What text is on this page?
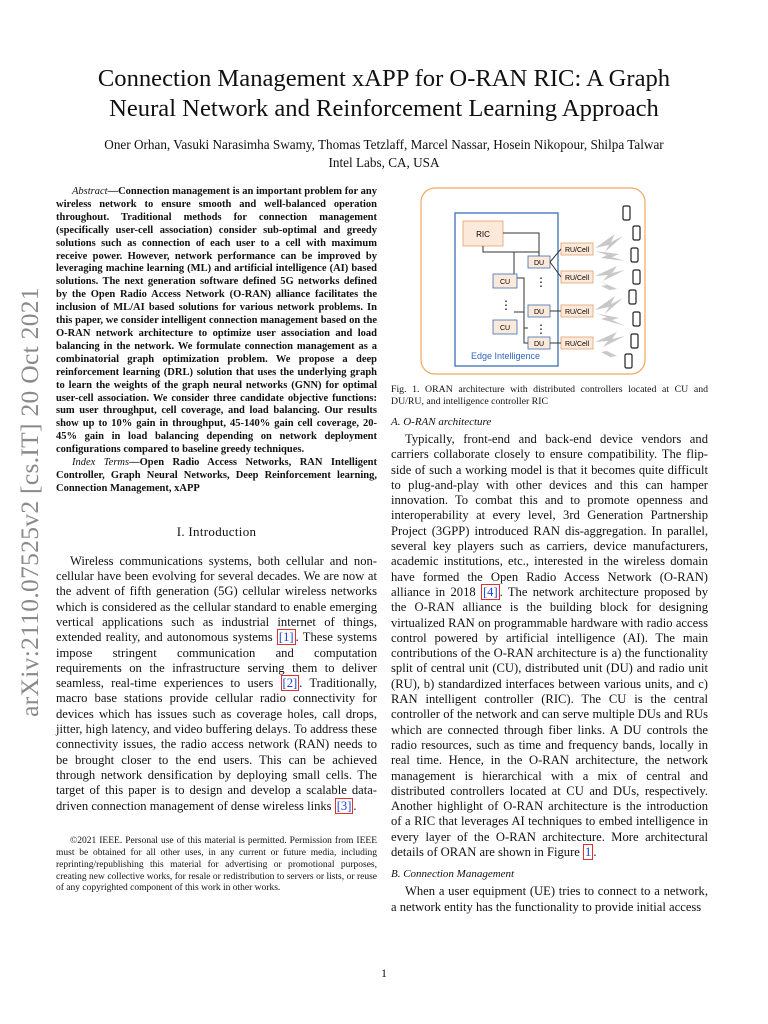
arXiv:2110.07525v2 [cs.IT] 20 Oct 2021
Connection Management xAPP for O-RAN RIC: A Graph Neural Network and Reinforcement Learning Approach
Oner Orhan, Vasuki Narasimha Swamy, Thomas Tetzlaff, Marcel Nassar, Hosein Nikopour, Shilpa Talwar
Intel Labs, CA, USA

Abstract—Connection management is an important problem for any wireless network to ensure smooth and well-balanced operation throughout. Traditional methods for connection management (specifically user-cell association) consider sub-optimal and greedy solutions such as connection of each user to a cell with maximum receive power. However, network performance can be improved by leveraging machine learning (ML) and artificial intelligence (AI) based solutions. The next generation software defined 5G networks defined by the Open Radio Access Network (O-RAN) alliance facilitates the inclusion of ML/AI based solutions for various network problems. In this paper, we consider intelligent connection management based on the O-RAN network architecture to optimize user association and load balancing in the network. We formulate connection management as a combinatorial graph optimization problem. We propose a deep reinforcement learning (DRL) solution that uses the underlying graph to learn the weights of the graph neural networks (GNN) for optimal user-cell association. We consider three candidate objective functions: sum user throughput, cell coverage, and load balancing. Our results show up to 10% gain in throughput, 45-140% gain cell coverage, 20-45% gain in load balancing depending on network deployment configurations compared to baseline greedy techniques.

Index Terms—Open Radio Access Networks, RAN Intelligent Controller, Graph Neural Networks, Deep Reinforcement learning, Connection Management, xAPP

I. Introduction

Wireless communications systems, both cellular and non-cellular have been evolving for several decades. We are now at the advent of fifth generation (5G) cellular wireless networks which is considered as the cellular standard to enable emerging vertical applications such as industrial internet of things, extended reality, and autonomous systems [1] . These systems impose stringent communication and computation requirements on the infrastructure serving them to deliver seamless, real-time experiences to users [2] . Traditionally, macro base stations provide cellular radio connectivity for devices which has issues such as coverage holes, call drops, jitter, high latency, and video buffering delays. To address these connectivity issues, the radio access network (RAN) needs to be brought closer to the end users. This can be achieved through network densification by deploying small cells. The target of this paper is to design and develop a scalable data-driven connection management of dense wireless links [3] .

©2021 IEEE. Personal use of this material is permitted. Permission from IEEE must be obtained for all other uses, in any current or future media, including reprinting/republishing this material for advertising or promotional purposes, creating new collective works, for resale or redistribution to servers or lists, or reuse of any copyrighted component of this work in other works.

Edge Intelligence
RIC
CU
⋮
CU
DU
⋮
DU
⋮
DU
RU/Cell
RU/Cell
RU/Cell
RU/Cell

Fig. 1. ORAN architecture with distributed controllers located at CU and DU/RU, and intelligence controller RIC

A. O-RAN architecture

Typically, front-end and back-end device vendors and carriers collaborate closely to ensure compatibility. The flip-side of such a working model is that it becomes quite difficult to plug-and-play with other devices and this can hamper innovation. To combat this and to promote openness and interoperability at every level, 3rd Generation Partnership Project (3GPP) introduced RAN dis-aggregation. In parallel, several key players such as carriers, device manufacturers, academic institutions, etc., interested in the wireless domain have formed the Open Radio Access Network (O-RAN) alliance in 2018 [4] . The network architecture proposed by the O-RAN alliance is the building block for designing virtualized RAN on programmable hardware with radio access control powered by artificial intelligence (AI). The main contributions of the O-RAN architecture is a) the functionality split of central unit (CU), distributed unit (DU) and radio unit (RU), b) standardized interfaces between various units, and c) RAN intelligent controller (RIC). The CU is the central controller of the network and can serve multiple DUs and RUs which are connected through fiber links. A DU controls the radio resources, such as time and frequency bands, locally in real time. Hence, in the O-RAN architecture, the network management is hierarchical with a mix of central and distributed controllers located at CU and DUs, respectively. Another highlight of O-RAN architecture is the introduction of a RIC that leverages AI techniques to embed intelligence in every layer of the O-RAN architecture. More architectural details of ORAN are shown in Figure 1 .

B. Connection Management

When a user equipment (UE) tries to connect to a network, a network entity has the functionality to provide initial access

1
